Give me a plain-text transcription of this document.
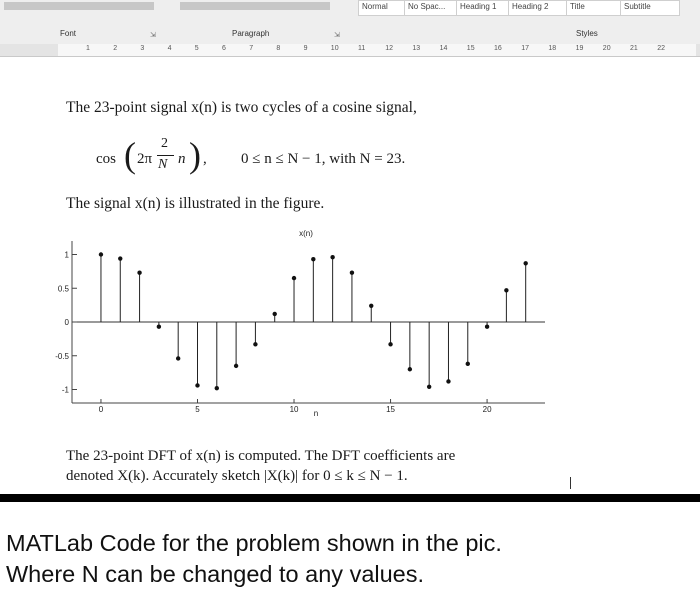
Normal	No Spac...	Heading 1	Heading 2	Title	Subtitle
Font	⇲	Paragraph	⇲	Styles
1	2	3	4	5	6	7	8	9	10	11	12	13	14	15	16	17	18	19	20	21	22
The 23-point signal x(n) is two cycles of a cosine signal,
cos ( 2π
2
N n ) , 0 ≤ n ≤ N − 1, with N = 23.
The signal x(n) is illustrated in the figure.
x(n)
1
0.5
0
-0.5
-1
0	5	10	15	20
n
The 23-point DFT of x(n) is computed. The DFT coefficients are
denoted X(k). Accurately sketch |X(k)| for 0 ≤ k ≤ N − 1.
MATLab Code for the problem shown in the pic.
Where N can be changed to any values.
